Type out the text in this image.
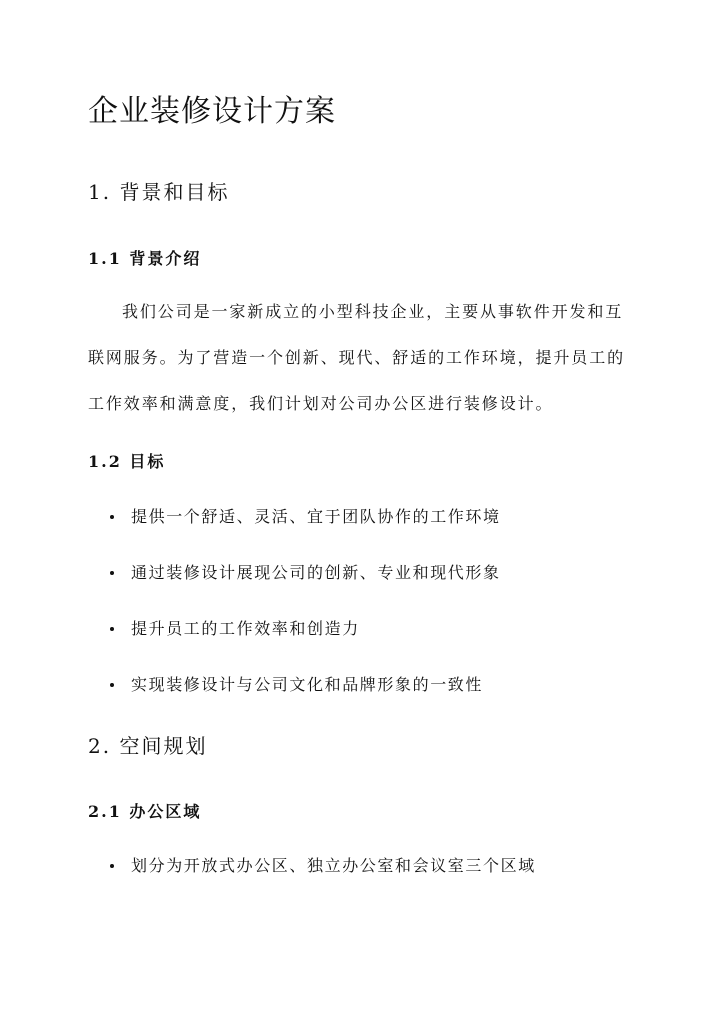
企业装修设计方案
1. 背景和目标
1.1 背景介绍

我们公司是一家新成立的小型科技企业，主要从事软件开发和互联网服务。为了营造一个创新、现代、舒适的工作环境，提升员工的工作效率和满意度，我们计划对公司办公区进行装修设计。

1.2 目标
提供一个舒适、灵活、宜于团队协作的工作环境
通过装修设计展现公司的创新、专业和现代形象
提升员工的工作效率和创造力
实现装修设计与公司文化和品牌形象的一致性
2. 空间规划
2.1 办公区域
划分为开放式办公区、独立办公室和会议室三个区域
